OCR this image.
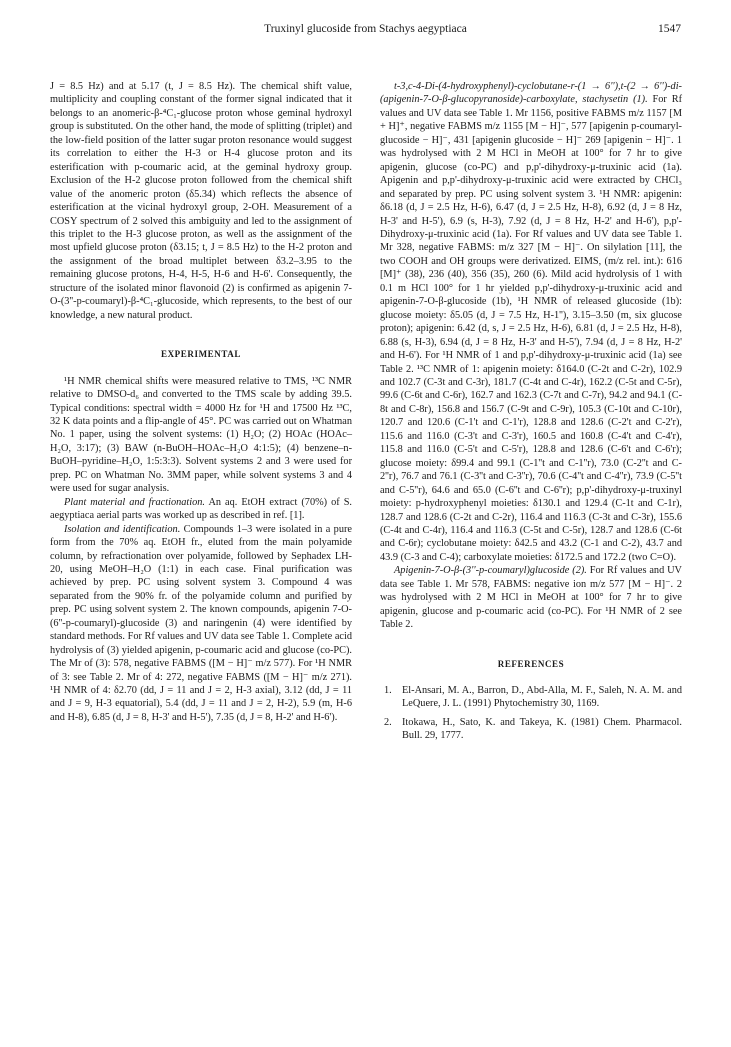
Truxinyl glucoside from Stachys aegyptiaca	1547

J = 8.5 Hz) and at 5.17 (t, J = 8.5 Hz). The chemical shift value, multiplicity and coupling constant of the former signal indicated that it belongs to an anomeric-β-⁴C₁-glucose proton whose geminal hydroxyl group is substituted. On the other hand, the mode of splitting (triplet) and the low-field position of the latter sugar proton resonance would suggest its correlation to either the H-3 or H-4 glucose proton and its esterification with p-coumaric acid, at the geminal hydroxy group. Exclusion of the H-2 glucose proton followed from the chemical shift value of the anomeric proton (δ5.34) which reflects the absence of esterification at the vicinal hydroxyl group, 2-OH. Measurement of a COSY spectrum of 2 solved this ambiguity and led to the assignment of this triplet to the H-3 glucose proton, as well as the assignment of the most upfield glucose proton (δ3.15; t, J = 8.5 Hz) to the H-2 proton and the assignment of the broad multiplet between δ3.2–3.95 to the remaining glucose protons, H-4, H-5, H-6 and H-6'. Consequently, the structure of the isolated minor flavonoid (2) is confirmed as apigenin 7-O-(3''-p-coumaryl)-β-⁴C₁-glucoside, which represents, to the best of our knowledge, a new natural product.

EXPERIMENTAL

¹H NMR chemical shifts were measured relative to TMS, ¹³C NMR relative to DMSO-d₆ and converted to the TMS scale by adding 39.5. Typical conditions: spectral width = 4000 Hz for ¹H and 17500 Hz ¹³C, 32 K data points and a flip-angle of 45°. PC was carried out on Whatman No. 1 paper, using the solvent systems: (1) H₂O; (2) HOAc (HOAc–H₂O, 3:17); (3) BAW (n-BuOH–HOAc–H₂O 4:1:5); (4) benzene–n-BuOH–pyridine–H₂O, 1:5:3:3). Solvent systems 2 and 3 were used for prep. PC on Whatman No. 3MM paper, while solvent systems 3 and 4 were used for sugar analysis.

Plant material and fractionation. An aq. EtOH extract (70%) of S. aegyptiaca aerial parts was worked up as described in ref. [1].

Isolation and identification. Compounds 1–3 were isolated in a pure form from the 70% aq. EtOH fr., eluted from the main polyamide column, by refractionation over polyamide, followed by Sephadex LH-20, using MeOH–H₂O (1:1) in each case. Final purification was achieved by prep. PC using solvent system 3. Compound 4 was separated from the 90% fr. of the polyamide column and purified by prep. PC using solvent system 2. The known compounds, apigenin 7-O-(6''-p-coumaryl)-glucoside (3) and naringenin (4) were identified by standard methods. For Rf values and UV data see Table 1. Complete acid hydrolysis of (3) yielded apigenin, p-coumaric acid and glucose (co-PC). The Mr of (3): 578, negative FABMS ([M − H]⁻ m/z 577). For ¹H NMR of 3: see Table 2. Mr of 4: 272, negative FABMS ([M − H]⁻ m/z 271). ¹H NMR of 4: δ2.70 (dd, J = 11 and J = 2, H-3 axial), 3.12 (dd, J = 11 and J = 9, H-3 equatorial), 5.4 (dd, J = 11 and J = 2, H-2), 5.9 (m, H-6 and H-8), 6.85 (d, J = 8, H-3' and H-5'), 7.35 (d, J = 8, H-2' and H-6').

t-3,c-4-Di-(4-hydroxyphenyl)-cyclobutane-r-(1 → 6''),t-(2 → 6'')-di-(apigenin-7-O-β-glucopyranoside)-carboxylate, stachysetin (1). For Rf values and UV data see Table 1. Mr 1156, positive FABMS m/z 1157 [M + H]⁺, negative FABMS m/z 1155 [M − H]⁻, 577 [apigenin p-coumaryl-glucoside − H]⁻, 431 [apigenin glucoside − H]⁻ 269 [apigenin − H]⁻. 1 was hydrolysed with 2 M HCl in MeOH at 100° for 7 hr to give apigenin, glucose (co-PC) and p,p'-dihydroxy-μ-truxinic acid (1a). Apigenin and p,p'-dihydroxy-μ-truxinic acid were extracted by CHCl₃ and separated by prep. PC using solvent system 3. ¹H NMR: apigenin: δ6.18 (d, J = 2.5 Hz, H-6), 6.47 (d, J = 2.5 Hz, H-8), 6.92 (d, J = 8 Hz, H-3' and H-5'), 6.9 (s, H-3), 7.92 (d, J = 8 Hz, H-2' and H-6'), p,p'-Dihydroxy-μ-truxinic acid (1a). For Rf values and UV data see Table 1. Mr 328, negative FABMS: m/z 327 [M − H]⁻. On silylation [11], the two COOH and OH groups were derivatized. EIMS, (m/z rel. int.): 616 [M]⁺ (38), 236 (40), 356 (35), 260 (6). Mild acid hydrolysis of 1 with 0.1 m HCl 100° for 1 hr yielded p,p'-dihydroxy-μ-truxinic acid and apigenin-7-O-β-glucoside (1b), ¹H NMR of released glucoside (1b): glucose moiety: δ5.05 (d, J = 7.5 Hz, H-1''), 3.15–3.50 (m, six glucose proton); apigenin: 6.42 (d, s, J = 2.5 Hz, H-6), 6.81 (d, J = 2.5 Hz, H-8), 6.88 (s, H-3), 6.94 (d, J = 8 Hz, H-3' and H-5'), 7.94 (d, J = 8 Hz, H-2' and H-6'). For ¹H NMR of 1 and p,p'-dihydroxy-μ-truxinic acid (1a) see Table 2. ¹³C NMR of 1: apigenin moiety: δ164.0 (C-2t and C-2r), 102.9 and 102.7 (C-3t and C-3r), 181.7 (C-4t and C-4r), 162.2 (C-5t and C-5r), 99.6 (C-6t and C-6r), 162.7 and 162.3 (C-7t and C-7r), 94.2 and 94.1 (C-8t and C-8r), 156.8 and 156.7 (C-9t and C-9r), 105.3 (C-10t and C-10r), 120.7 and 120.6 (C-1't and C-1'r), 128.8 and 128.6 (C-2't and C-2'r), 115.6 and 116.0 (C-3't and C-3'r), 160.5 and 160.8 (C-4't and C-4'r), 115.8 and 116.0 (C-5't and C-5'r), 128.8 and 128.6 (C-6't and C-6'r); glucose moiety: δ99.4 and 99.1 (C-1''t and C-1''r), 73.0 (C-2''t and C-2''r), 76.7 and 76.1 (C-3''t and C-3''r), 70.6 (C-4''t and C-4''r), 73.9 (C-5''t and C-5''r), 64.6 and 65.0 (C-6''t and C-6''r); p,p'-dihydroxy-μ-truxinyl moiety: p-hydroxyphenyl moieties: δ130.1 and 129.4 (C-1t and C-1r), 128.7 and 128.6 (C-2t and C-2r), 116.4 and 116.3 (C-3t and C-3r), 155.6 (C-4t and C-4r), 116.4 and 116.3 (C-5t and C-5r), 128.7 and 128.6 (C-6t and C-6r); cyclobutane moiety: δ42.5 and 43.2 (C-1 and C-2), 43.7 and 43.9 (C-3 and C-4); carboxylate moieties: δ172.5 and 172.2 (two C=O).

Apigenin-7-O-β-(3''-p-coumaryl)glucoside (2). For Rf values and UV data see Table 1. Mr 578, FABMS: negative ion m/z 577 [M − H]⁻. 2 was hydrolysed with 2 M HCl in MeOH at 100° for 7 hr to give apigenin, glucose and p-coumaric acid (co-PC). For ¹H NMR of 2 see Table 2.

REFERENCES

1. El-Ansari, M. A., Barron, D., Abd-Alla, M. F., Saleh, N. A. M. and LeQuere, J. L. (1991) Phytochemistry 30, 1169.
2. Itokawa, H., Sato, K. and Takeya, K. (1981) Chem. Pharmacol. Bull. 29, 1777.
